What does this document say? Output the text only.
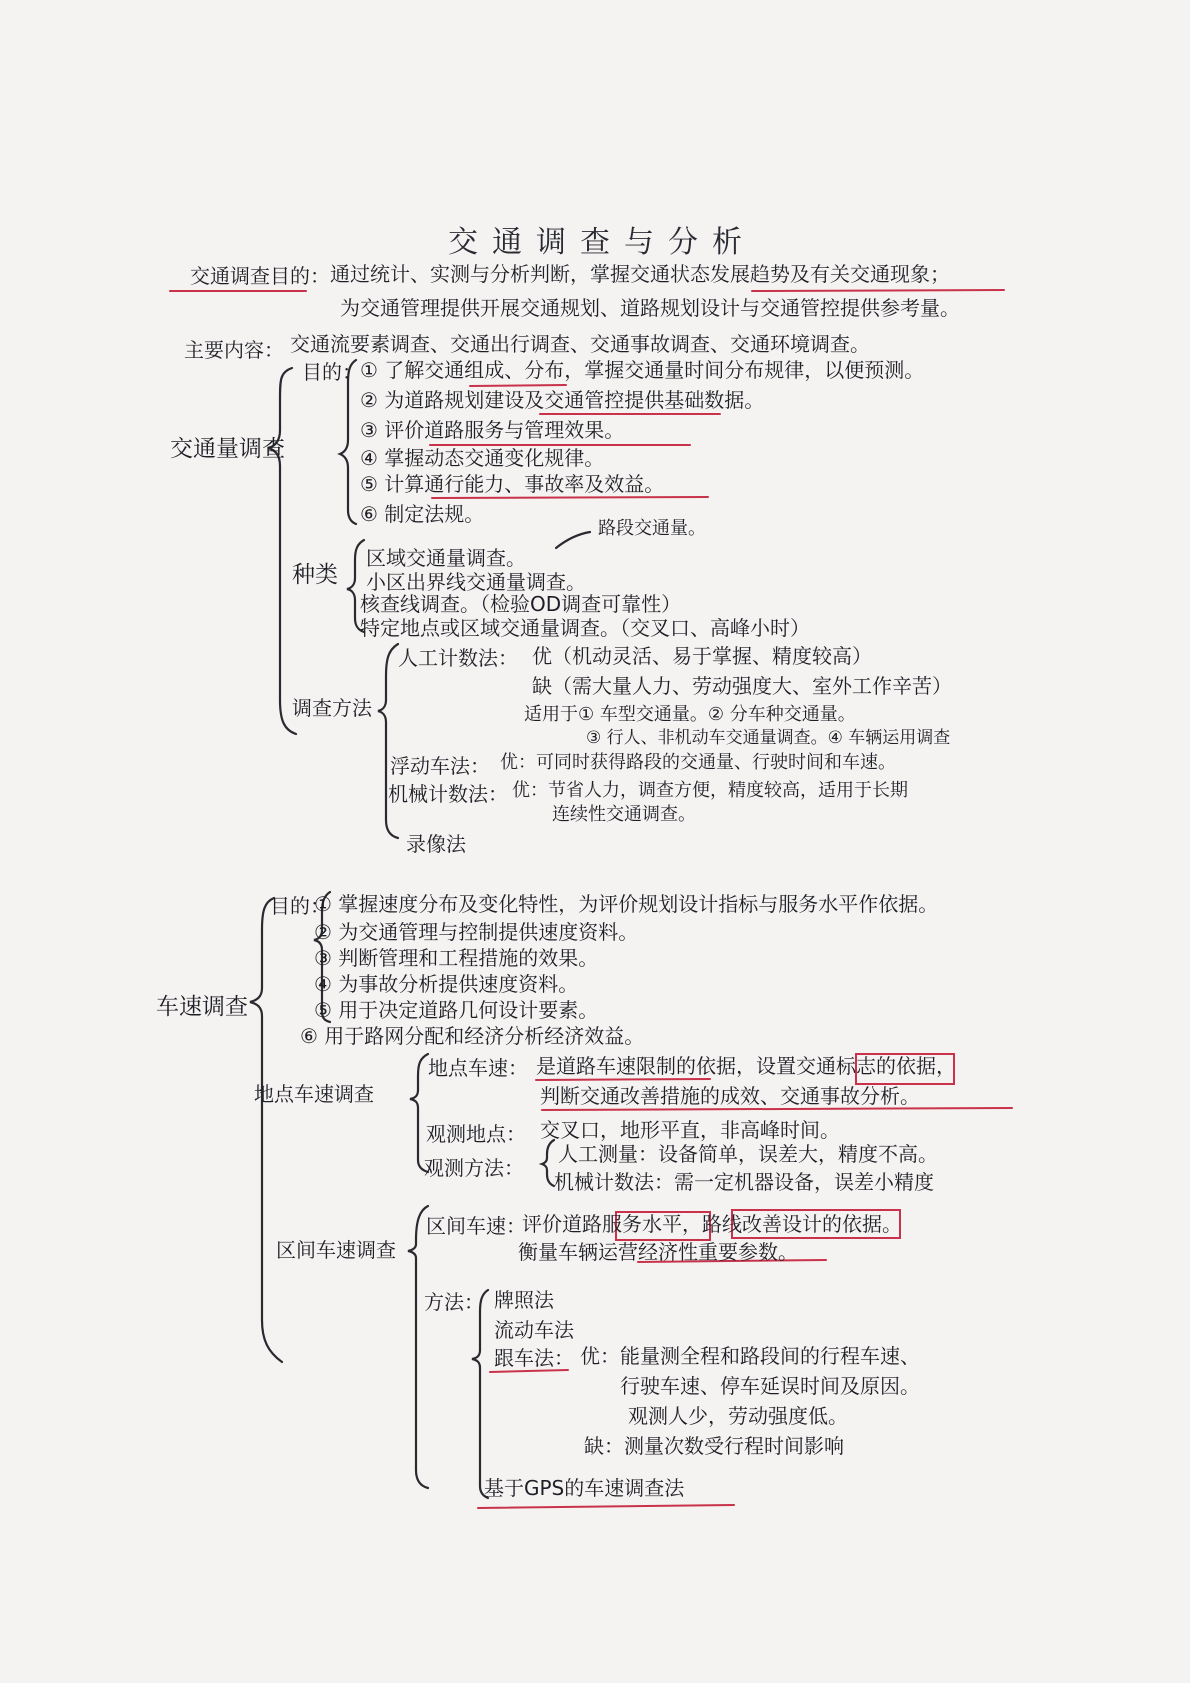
交通调查与分析
交通调查目的： 通过统计、实测与分析判断，掌握交通状态发展趋势及有关交通现象；
为交通管理提供开展交通规划、道路规划设计与交通管控提供参考量。
主要内容： 交通流要素调查、交通出行调查、交通事故调查、交通环境调查。
交通量调查
目的：
① 了解交通组成、分布，掌握交通量时间分布规律，以便预测。
② 为道路规划建设及交通管控提供基础数据。
③ 评价道路服务与管理效果。
④ 掌握动态交通变化规律。
⑤ 计算通行能力、事故率及效益。
⑥ 制定法规。
种类
路段交通量。
区域交通量调查。
小区出界线交通量调查。
核查线调查。（检验OD调查可靠性）
特定地点或区域交通量调查。（交叉口、高峰小时）
调查方法
人工计数法： 优（机动灵活、易于掌握、精度较高）
缺（需大量人力、劳动强度大、室外工作辛苦）
适用于① 车型交通量。② 分车种交通量。
③ 行人、非机动车交通量调查。④ 车辆运用调查
浮动车法： 优：可同时获得路段的交通量、行驶时间和车速。
机械计数法： 优：节省人力，调查方便，精度较高，适用于长期
连续性交通调查。
录像法
车速调查
目的：
① 掌握速度分布及变化特性，为评价规划设计指标与服务水平作依据。
② 为交通管理与控制提供速度资料。
③ 判断管理和工程措施的效果。
④ 为事故分析提供速度资料。
⑤ 用于决定道路几何设计要素。
⑥ 用于路网分配和经济分析经济效益。
地点车速调查
地点车速： 是道路车速限制的依据，设置交通标志的依据，
判断交通改善措施的成效、交通事故分析。
观测地点： 交叉口，地形平直，非高峰时间。
观测方法：
人工测量：设备简单，误差大，精度不高。
机械计数法：需一定机器设备，误差小精度
区间车速调查
区间车速：
评价道路服务水平，路线改善设计的依据。
衡量车辆运营经济性重要参数。
方法： 牌照法
流动车法
跟车法： 优：能量测全程和路段间的行程车速、
行驶车速、停车延误时间及原因。
观测人少，劳动强度低。
缺：测量次数受行程时间影响
基于GPS的车速调查法
